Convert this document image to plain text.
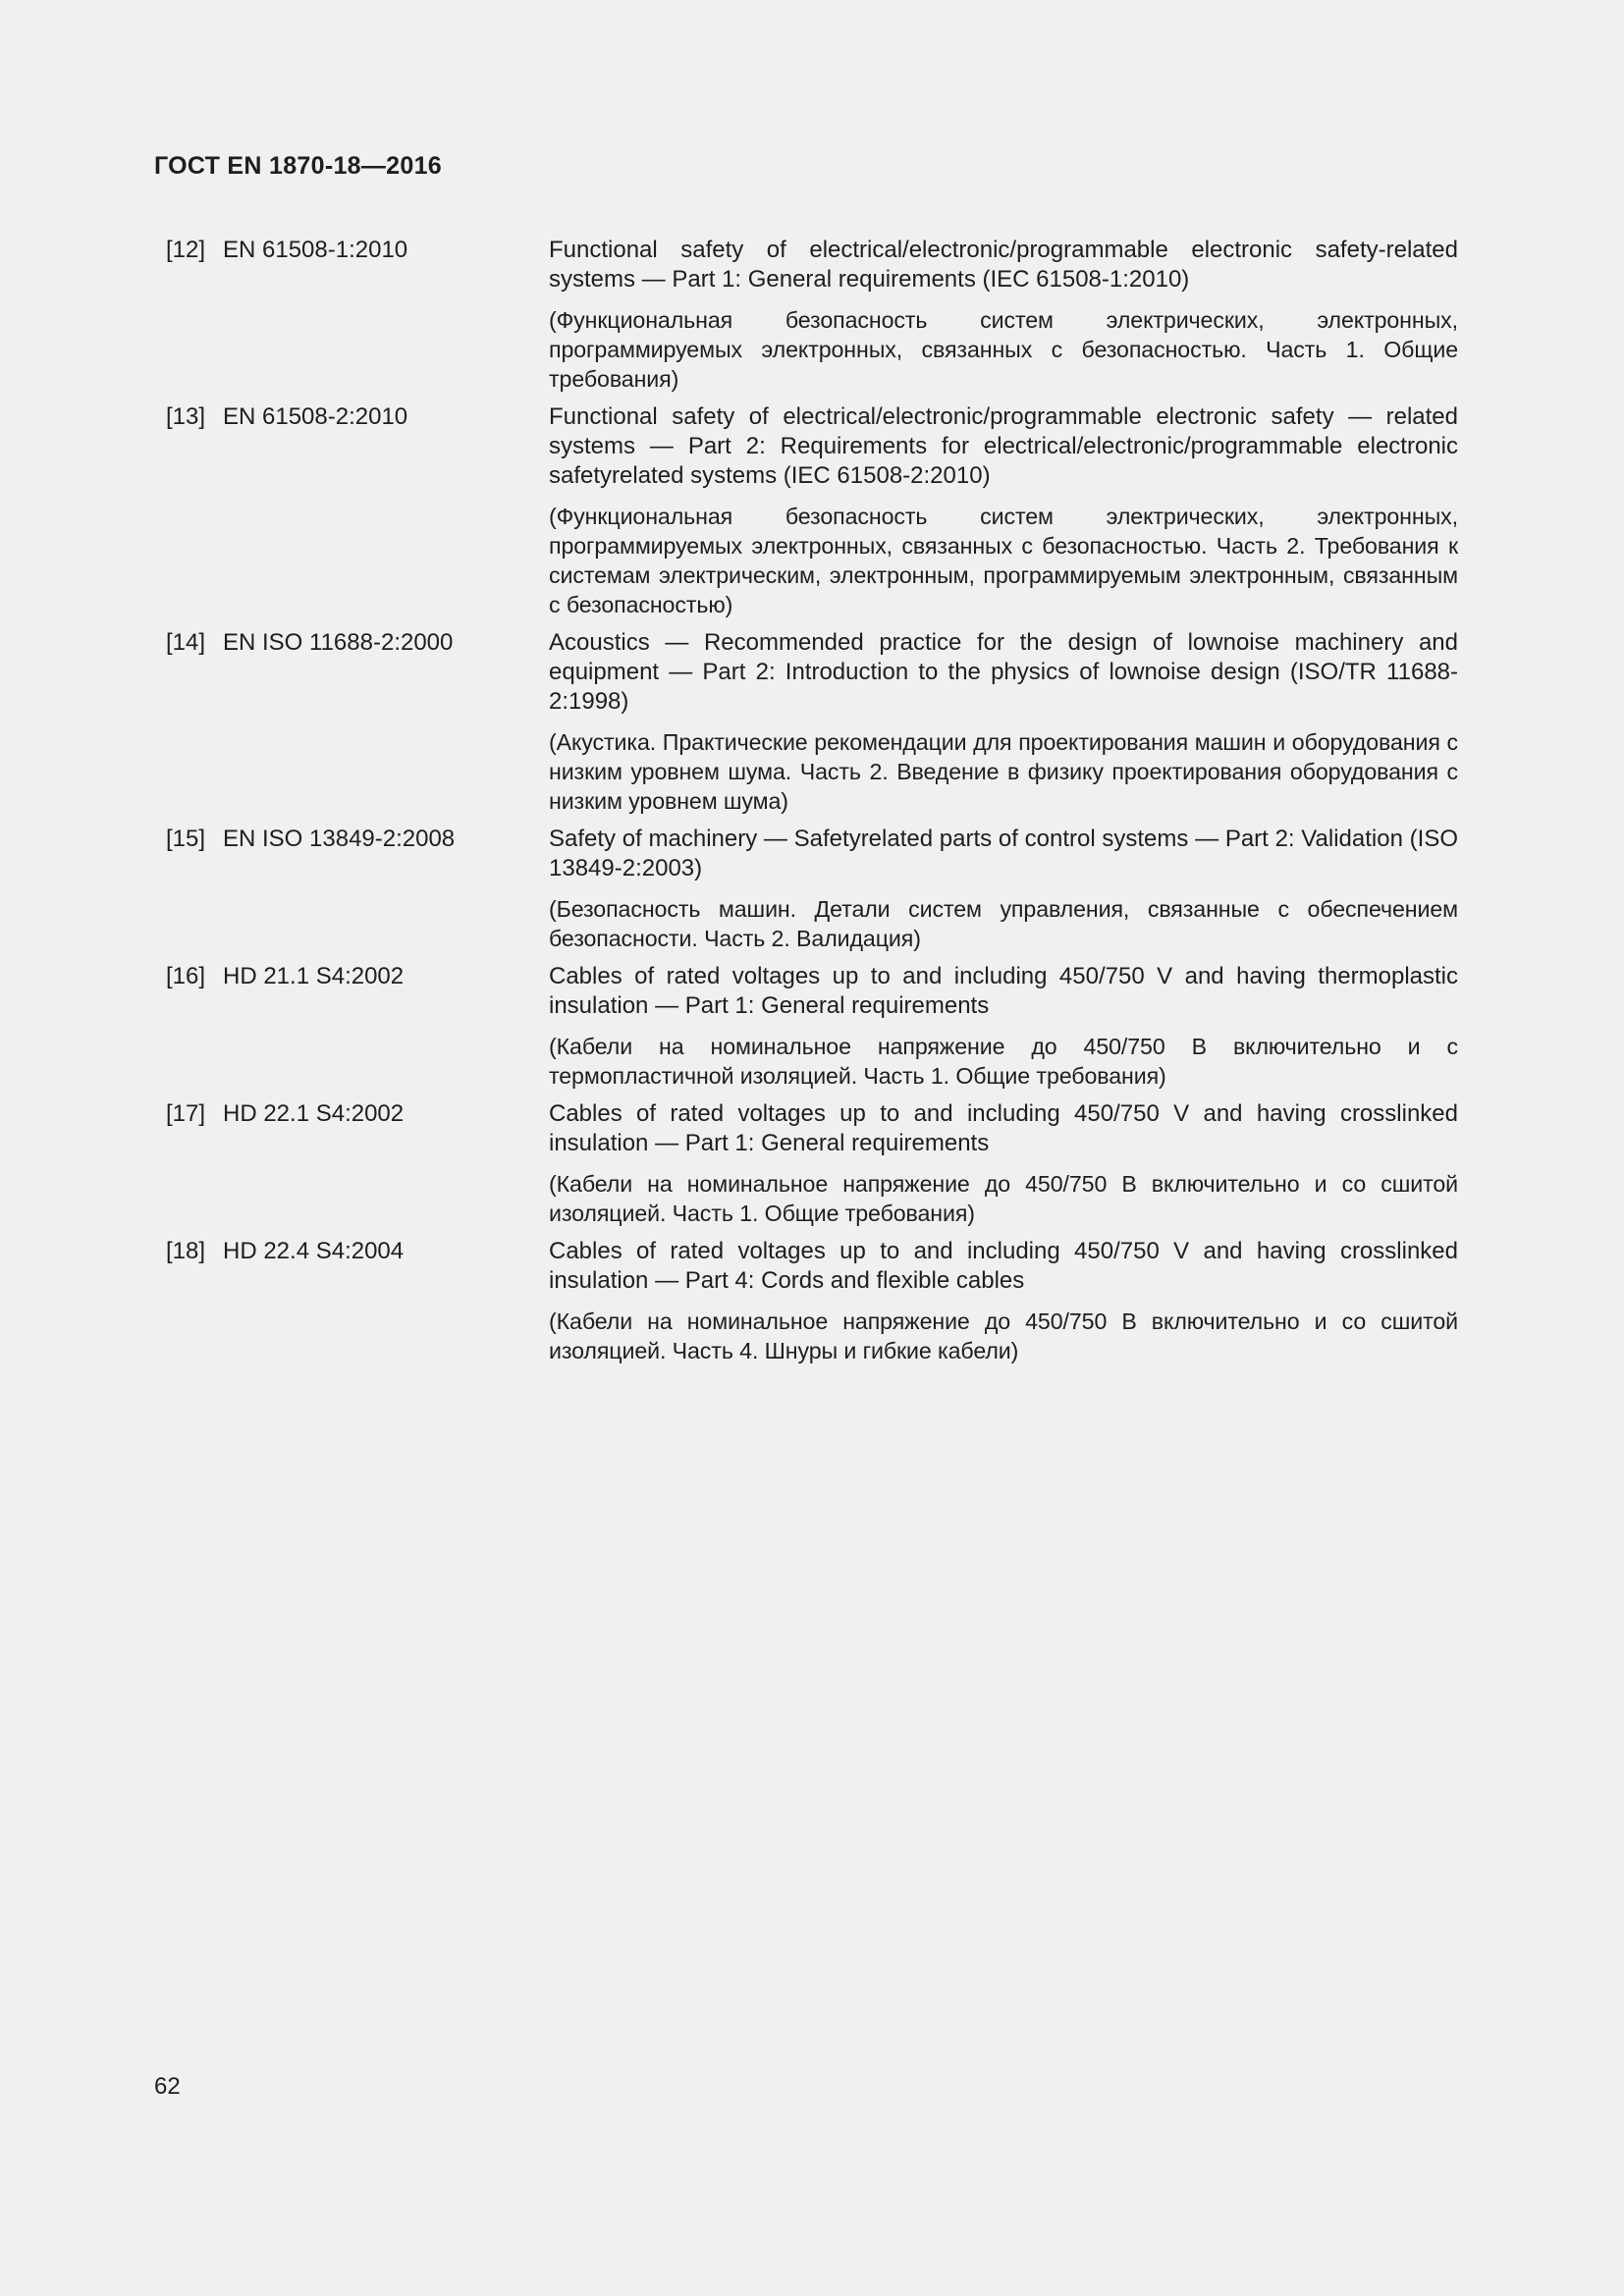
ГОСТ EN 1870-18—2016
[12] EN 61508-1:2010	Functional safety of electrical/electronic/programmable electronic safety-related systems — Part 1: General requirements (IEC 61508-1:2010)

(Функциональная безопасность систем электрических, электронных, программируемых электронных, связанных с безопасностью. Часть 1. Общие требования)

[13] EN 61508-2:2010	Functional safety of electrical/electronic/programmable electronic safety — related systems — Part 2: Requirements for electrical/electronic/programmable electronic safetyrelated systems (IEC 61508-2:2010)

(Функциональная безопасность систем электрических, электронных, программируемых электронных, связанных с безопасностью. Часть 2. Требования к системам электрическим, электронным, программируемым электронным, связанным с безопасностью)

[14] EN ISO 11688-2:2000	Acoustics — Recommended practice for the design of lownoise machinery and equipment — Part 2: Introduction to the physics of lownoise design (ISO/TR 11688-2:1998)

(Акустика. Практические рекомендации для проектирования машин и оборудования с низким уровнем шума. Часть 2. Введение в физику проектирования оборудования с низким уровнем шума)

[15] EN ISO 13849-2:2008	Safety of machinery — Safetyrelated parts of control systems — Part 2: Validation (ISO 13849-2:2003)

(Безопасность машин. Детали систем управления, связанные с обеспечением безопасности. Часть 2. Валидация)

[16] HD 21.1 S4:2002	Cables of rated voltages up to and including 450/750 V and having thermoplastic insulation — Part 1: General requirements

(Кабели на номинальное напряжение до 450/750 В включительно и с термопластичной изоляцией. Часть 1. Общие требования)

[17] HD 22.1 S4:2002	Cables of rated voltages up to and including 450/750 V and having crosslinked insulation — Part 1: General requirements

(Кабели на номинальное напряжение до 450/750 В включительно и со сшитой изоляцией. Часть 1. Общие требования)

[18] HD 22.4 S4:2004	Cables of rated voltages up to and including 450/750 V and having crosslinked insulation — Part 4: Cords and flexible cables

(Кабели на номинальное напряжение до 450/750 В включительно и со сшитой изоляцией. Часть 4. Шнуры и гибкие кабели)

62
